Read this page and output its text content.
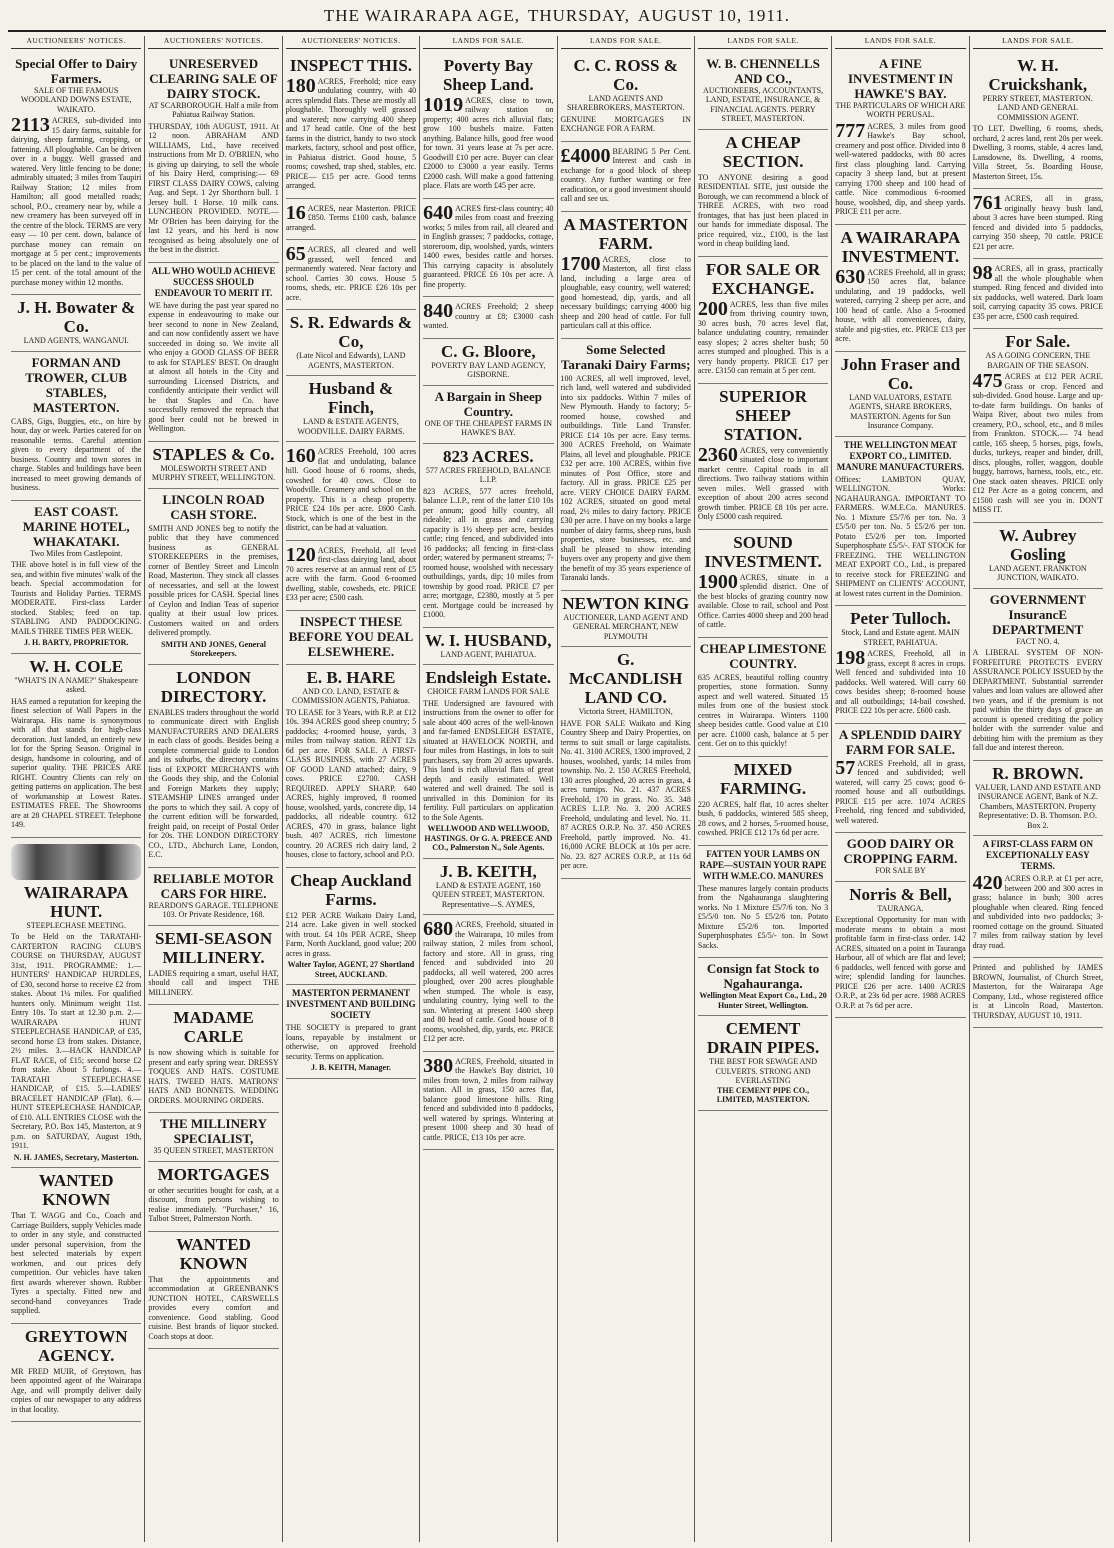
THE WAIRARAPA AGE, THURSDAY, AUGUST 10, 1911.
AUCTIONEERS' NOTICES.
Special Offer to Dairy Farmers.
SALE OF THE FAMOUS WOODLAND DOWNS ESTATE, WAIKATO.
2113 ACRES, sub-divided into 15 dairy farms, suitable for dairying, sheep farming, cropping, or fattening. All ploughable. Can be driven over in a buggy. Well grassed and watered. Very little fencing to be done; admirably situated; 3 miles from Taupiri Railway Station; 12 miles from Hamilton; all good metalled roads; school, P.O., creamery near by, while a new creamery has been surveyed off in the centre of the block. TERMS are very easy — 10 per cent. down, balance of purchase money can remain on mortgage at 5 per cent.; improvements to be placed on the land to the value of 15 per cent. of the total amount of the purchase money within 12 months.
J. H. Bowater & Co.
LAND AGENTS, WANGANUI.
FORMAN AND TROWER, CLUB STABLES, MASTERTON.
CABS, Gigs, Buggies, etc., on hire by hour, day or week. Parties catered for on reasonable terms. Careful attention given to every department of the business. Country and town stores in charge. Stables and buildings have been increased to meet growing demands of business.
EAST COAST. MARINE HOTEL, WHAKATAKI.
Two Miles from Castlepoint.
THE above hotel is in full view of the sea, and within five minutes' walk of the beach. Special accommodation for Tourists and Holiday Parties. TERMS MODERATE. First-class Larder stocked. Stables; feed on tap. STABLING AND PADDOCKING. MAILS THREE TIMES PER WEEK.
J. H. BARTY, PROPRIETOR.
W. H. COLE
"WHAT'S IN A NAME?" Shakespeare asked.
HAS earned a reputation for keeping the finest selection of Wall Papers in the Wairarapa. His name is synonymous with all that stands for high-class decoration. Just landed, an entirely new lot for the Spring Season. Original in design, handsome in colouring, and of superior quality. THE PRICES ARE RIGHT. Country Clients can rely on getting patterns on application. The best of workmanship at Lowest Rates. ESTIMATES FREE. The Showrooms are at 28 CHAPEL STREET. Telephone 149.
WAIRARAPA HUNT.
STEEPLECHASE MEETING.
To be Held on the TARATAHI-CARTERTON RACING CLUB'S COURSE on THURSDAY, AUGUST 31st, 1911. PROGRAMME: 1.—HUNTERS' HANDICAP HURDLES, of £30, second horse to receive £2 from stakes. About 1¼ miles. For qualified hunters only. Minimum weight 11st. Entry 10s. To start at 12.30 p.m. 2.—WAIRARAPA HUNT STEEPLECHASE HANDICAP, of £35, second horse £3 from stakes. Distance, 2½ miles. 3.—HACK HANDICAP FLAT RACE, of £15; second horse £2 from stake. About 5 furlongs. 4.—TARATAHI STEEPLECHASE HANDICAP, of £15. 5.—LADIES' BRACELET HANDICAP (Flat). 6.—HUNT STEEPLECHASE HANDICAP, of £10. ALL ENTRIES CLOSE with the Secretary, P.O. Box 145, Masterton, at 9 p.m. on SATURDAY, August 19th, 1911.
N. H. JAMES, Secretary, Masterton.
WANTED KNOWN
That T. WAGG and Co., Coach and Carriage Builders, supply Vehicles made to order in any style, and constructed under personal supervision, from the best selected materials by expert workmen, and our prices defy competition. Our vehicles have taken first awards wherever shown. Rubber Tyres a specialty. Fitted new and second-hand conveyances Trade supplied.
GREYTOWN AGENCY.
MR FRED MUIR, of Greytown, has been appointed agent of the Wairarapa Age, and will promptly deliver daily copies of our newspaper to any address in that locality.
AUCTIONEERS' NOTICES.
UNRESERVED CLEARING SALE OF DAIRY STOCK.
AT SCARBOROUGH. Half a mile from Pahiatua Railway Station.
THURSDAY, 10th AUGUST, 1911. At 12 noon. ABRAHAM AND WILLIAMS, Ltd., have received instructions from Mr D. O'BRIEN, who is giving up dairying, to sell the whole of his Dairy Herd, comprising:— 69 FIRST CLASS DAIRY COWS, calving Aug. and Sept. 1 2yr Shorthorn bull. 1 Jersey bull. 1 Horse. 10 milk cans. LUNCHEON PROVIDED. NOTE.— Mr O'Brien has been dairying for the last 12 years, and his herd is now recognised as being absolutely one of the best in the district.
ALL WHO WOULD ACHIEVE SUCCESS SHOULD ENDEAVOUR TO MERIT IT.
WE have during the past year spared no expense in endeavouring to make our beer second to none in New Zealand, and can now confidently assert we have succeeded in doing so. We invite all who enjoy a GOOD GLASS OF BEER to ask for STAPLES' BEST. On draught at almost all hotels in the City and surrounding Licensed Districts, and confidently anticipate their verdict will be that Staples and Co. have successfully removed the reproach that good beer could not be brewed in Wellington.
STAPLES & Co.
MOLESWORTH STREET AND MURPHY STREET, WELLINGTON.
LINCOLN ROAD CASH STORE.
SMITH AND JONES beg to notify the public that they have commenced business as GENERAL STOREKEEPERS in the premises, corner of Bentley Street and Lincoln Road, Masterton. They stock all classes of necessaries, and sell at the lowest possible prices for CASH. Special lines of Ceylon and Indian Teas of superior quality at their usual low prices. Customers waited on and orders delivered promptly.
SMITH AND JONES, General Storekeepers.
LONDON DIRECTORY.
ENABLES traders throughout the world to communicate direct with English MANUFACTURERS AND DEALERS in each class of goods. Besides being a complete commercial guide to London and its suburbs, the directory contains lists of EXPORT MERCHANTS with the Goods they ship, and the Colonial and Foreign Markets they supply; STEAMSHIP LINES arranged under the ports to which they sail. A copy of the current edition will be forwarded, freight paid, on receipt of Postal Order for 20s. THE LONDON DIRECTORY CO., LTD., Abchurch Lane, London, E.C.
RELIABLE MOTOR CARS FOR HIRE.
REARDON'S GARAGE. TELEPHONE 103. Or Private Residence, 168.
SEMI-SEASON MILLINERY.
LADIES requiring a smart, useful HAT, should call and inspect THE MILLINERY.
MADAME CARLE
Is now showing which is suitable for present and early spring wear. DRESSY TOQUES AND HATS. COSTUME HATS. TWEED HATS. MATRONS' HATS AND BONNETS. WEDDING ORDERS. MOURNING ORDERS.
THE MILLINERY SPECIALIST,
35 QUEEN STREET, MASTERTON
MORTGAGES
or other securities bought for cash, at a discount, from persons wishing to realise immediately. "Purchaser," 16, Talbot Street, Palmerston North.
WANTED KNOWN
That the appointments and accommodation at GREENBANK'S JUNCTION HOTEL, CARSWELLS provides every comfort and convenience. Good stabling. Good cuisine. Best brands of liquor stocked. Coach stops at door.
AUCTIONEERS' NOTICES.
INSPECT THIS.
180 ACRES, Freehold; nice easy undulating country, with 40 acres splendid flats. These are mostly all ploughable. Thoroughly well grassed and watered; now carrying 400 sheep and 17 head cattle. One of the best farms in the district, handy to two stock markets, factory, school and post office, in Pahiatua district. Good house, 5 rooms; cowshed, trap shed, stables, etc. PRICE— £15 per acre. Good terms arranged.
16 ACRES, near Masterton. PRICE £850. Terms £100 cash, balance arranged.
65 ACRES, all cleared and well grassed, well fenced and permanently watered. Near factory and school. Carries 30 cows. House 5 rooms, sheds, etc. PRICE £26 10s per acre.
S. R. Edwards & Co,
(Late Nicol and Edwards), LAND AGENTS, MASTERTON.
Husband & Finch,
LAND & ESTATE AGENTS, WOODVILLE. DAIRY FARMS.
160 ACRES Freehold, 100 acres flat and undulating, balance hill. Good house of 6 rooms, sheds, cowshed for 40 cows. Close to Woodville. Creamery and school on the property. This is a cheap property. PRICE £24 10s per acre. £600 Cash. Stock, which is one of the best in the district, can be had at valuation.
120 ACRES, Freehold, all level first-class dairying land, about 70 acres reserve at an annual rent of £5 acre with the farm. Good 6-roomed dwelling, stable, cowsheds, etc. PRICE £33 per acre; £500 cash.
INSPECT THESE BEFORE YOU DEAL ELSEWHERE.
E. B. HARE
AND CO. LAND, ESTATE & COMMISSION AGENTS, Pahiatua.
TO LEASE for 3 Years, with R.P. at £12 10s. 394 ACRES good sheep country; 5 paddocks; 4-roomed house, yards, 3 miles from railway station. RENT 12s 6d per acre. FOR SALE. A FIRST-CLASS BUSINESS, with 27 ACRES OF GOOD LAND attached; dairy, 9 cows. PRICE £2700. CASH REQUIRED. APPLY SHARP. 640 ACRES, highly improved, 8 roomed house, woolshed, yards, concrete dip, 14 paddocks, all rideable country. 612 ACRES, 470 in grass, balance light bush. 407 ACRES, rich limestone country. 20 ACRES rich dairy land, 2 houses, close to factory, school and P.O.
Cheap Auckland Farms.
£12 PER ACRE Waikato Dairy Land, 214 acre. Lake given in well stocked with trout. £4 10s PER ACRE, Sheep Farm, North Auckland, good value; 200 acres in grass.
Walter Taylor, AGENT, 27 Shortland Street, AUCKLAND.
MASTERTON PERMANENT INVESTMENT AND BUILDING SOCIETY
THE SOCIETY is prepared to grant loans, repayable by instalment or otherwise, on approved freehold security. Terms on application.
J. B. KEITH, Manager.
LANDS FOR SALE.
Poverty Bay Sheep Land.
1019 ACRES, close to town, railway station on property; 400 acres rich alluvial flats; grow 100 bushels maize. Fatten anything. Balance hills, good free wood for town. 31 years lease at 7s per acre. Goodwill £10 per acre. Buyer can clear £2000 to £3000 a year easily. Terms £2000 cash. Will make a good fattening place. Flats are worth £45 per acre.
640 ACRES first-class country; 40 miles from coast and freezing works; 5 miles from rail, all cleared and in English grasses; 7 paddocks, cottage, storeroom, dip, woolshed, yards, winters 1400 ewes, besides cattle and horses. This carrying capacity is absolutely guaranteed. PRICE £6 10s per acre. A fine property.
840 ACRES Freehold; 2 sheep country at £8; £3000 cash wanted.
C. G. Bloore,
POVERTY BAY LAND AGENCY, GISBORNE.
A Bargain in Sheep Country.
ONE OF THE CHEAPEST FARMS IN HAWKE'S BAY.
823 ACRES.
577 ACRES FREEHOLD, BALANCE L.I.P.
823 ACRES, 577 acres freehold, balance L.I.P., rent of the latter £10 10s per annum; good hilly country, all rideable; all in grass and carrying capacity is 1½ sheep per acre, besides cattle; ring fenced, and subdivided into 16 paddocks; all fencing in first-class order; watered by permanent streams; 7-roomed house, woolshed with necessary outbuildings, yards, dip; 10 miles from township by good road. PRICE £7 per acre; mortgage, £2380, mostly at 5 per cent. Mortgage could be increased by £1000.
W. I. HUSBAND,
LAND AGENT, PAHIATUA.
Endsleigh Estate.
CHOICE FARM LANDS FOR SALE
THE Undersigned are favoured with instructions from the owner to offer for sale about 400 acres of the well-known and far-famed ENDSLEIGH ESTATE, situated at HAVELOCK NORTH, and four miles from Hastings, in lots to suit purchasers, say from 20 acres upwards. This land is rich alluvial flats of great depth and easily estimated. Well watered and well drained. The soil is unrivalled in this Dominion for its fertility. Full particulars on application to the Sole Agents.
WELLWOOD AND WELLWOOD, HASTINGS. Or G. A. PREECE AND CO., Palmerston N., Sole Agents.
J. B. KEITH,
LAND & ESTATE AGENT, 160 QUEEN STREET, MASTERTON. Representative—S. AYMES,
680 ACRES, Freehold, situated in the Wairarapa, 10 miles from railway station, 2 miles from school, factory and store. All in grass, ring fenced and subdivided into 20 paddocks, all well watered, 200 acres ploughed, over 200 acres ploughable when stumped. The whole is easy, undulating country, lying well to the sun. Wintering at present 1400 sheep and 80 head of cattle. Good house of 8 rooms, woolshed, dip, yards, etc. PRICE £12 per acre.
380 ACRES, Freehold, situated in the Hawke's Bay district, 10 miles from town, 2 miles from railway station. All in grass, 150 acres flat, balance good limestone hills. Ring fenced and subdivided into 8 paddocks, well watered by springs. Wintering at present 1000 sheep and 30 head of cattle. PRICE, £13 10s per acre.
LANDS FOR SALE.
C. C. ROSS & Co.
LAND AGENTS AND SHAREBROKERS, MASTERTON.
GENUINE MORTGAGES IN EXCHANGE FOR A FARM.
£4000 BEARING 5 Per Cent. Interest and cash in exchange for a good block of sheep country. Any further wanting or free eradication, or a good investment should call and see us.
A MASTERTON FARM.
1700 ACRES, close to Masterton, all first class land, including a large area of ploughable, easy country, well watered; good homestead, dip, yards, and all necessary buildings; carrying 4000 big sheep and 200 head of cattle. For full particulars call at this office.
Some Selected Taranaki Dairy Farms;
100 ACRES, all well improved, level, rich land, well watered and subdivided into six paddocks. Within 7 miles of New Plymouth. Handy to factory; 5-roomed house, cowshed and outbuildings. Title Land Transfer. PRICE £14 10s per acre. Easy terms. 300 ACRES Freehold, on Waimate Plains, all level and ploughable. PRICE £32 per acre. 100 ACRES, within five minutes of Post Office, store and factory. All in grass. PRICE £25 per acre. VERY CHOICE DAIRY FARM. 102 ACRES, situated on good metal road, 2½ miles to dairy factory. PRICE £30 per acre. I have on my books a large number of dairy farms, sheep runs, bush properties, store businesses, etc. and shall be pleased to show intending buyers over any property and give them the benefit of my 35 years experience of Taranaki lands.
NEWTON KING
AUCTIONEER, LAND AGENT AND GENERAL MERCHANT, NEW PLYMOUTH
G. McCANDLISH LAND CO.
Victoria Street, HAMILTON,
HAVE FOR SALE Waikato and King Country Sheep and Dairy Properties, on terms to suit small or large capitalists. No. 41. 3100 ACRES, 1300 improved, 2 houses, woolshed, yards; 14 miles from township. No. 2. 150 ACRES Freehold, 130 acres ploughed, 20 acres in grass, 4 acres turnips. No. 21. 437 ACRES Freehold, 170 in grass. No. 35. 348 ACRES L.I.P. No. 3. 200 ACRES Freehold, undulating and level. No. 11. 87 ACRES O.R.P. No. 37. 450 ACRES Freehold, partly improved. No. 41. 16,000 ACRE BLOCK at 10s per acre. No. 23. 827 ACRES O.R.P., at 11s 6d per acre.
LANDS FOR SALE.
W. B. CHENNELLS AND CO.,
AUCTIONEERS, ACCOUNTANTS, LAND, ESTATE, INSURANCE, & FINANCIAL AGENTS. PERRY STREET, MASTERTON.
A CHEAP SECTION.
TO ANYONE desiring a good RESIDENTIAL SITE, just outside the Borough, we can recommend a block of THREE ACRES, with two road frontages, that has just been placed in our hands for immediate disposal. The price required, viz., £100, is the last word in cheap building land.
FOR SALE OR EXCHANGE.
200 ACRES, less than five miles from thriving country town, 30 acres bush, 70 acres level flat, balance undulating country, remainder easy slopes; 2 acres shelter bush; 50 acres stumped and ploughed. This is a very handy property. PRICE £17 per acre. £3150 can remain at 5 per cent.
SUPERIOR SHEEP STATION.
2360 ACRES, very conveniently situated close to important market centre. Capital roads in all directions. Two railway stations within seven miles. Well grassed with exception of about 200 acres second growth timber. PRICE £8 10s per acre. Only £5000 cash required.
SOUND INVESTMENT.
1900 ACRES, situate in a splendid district. One of the best blocks of grazing country now available. Close to rail, school and Post Office. Carries 4000 sheep and 200 head of cattle.
CHEAP LIMESTONE COUNTRY.
635 ACRES, beautiful rolling country properties, stone formation. Sunny aspect and well watered. Situated 15 miles from one of the busiest stock centres in Wairarapa. Winters 1100 sheep besides cattle. Good value at £10 per acre. £1000 cash, balance at 5 per cent. Get on to this quickly!
MIXED FARMING.
220 ACRES, half flat, 10 acres shelter bush, 6 paddocks, wintered 585 sheep, 28 cows, and 2 horses, 5-roomed house, cowshed. PRICE £12 17s 6d per acre.
FATTEN YOUR LAMBS ON RAPE—SUSTAIN YOUR RAPE WITH W.M.E.CO. MANURES
These manures largely contain products from the Ngahauranga slaughtering works. No 1 Mixture £5/7/6 ton. No 3 £5/5/0 ton. No 5 £5/2/6 ton. Potato Mixture £5/2/6 ton. Imported Superphosphates £5/5/- ton. In Sowt Sacks.
Consign fat Stock to Ngahauranga.
Wellington Meat Export Co., Ltd., 20 Hunter Street, Wellington.
CEMENT DRAIN PIPES.
THE BEST FOR SEWAGE AND CULVERTS. STRONG AND EVERLASTING
THE CEMENT PIPE CO., LIMITED, MASTERTON.
LANDS FOR SALE.
A FINE INVESTMENT IN HAWKE'S BAY.
THE PARTICULARS OF WHICH ARE WORTH PERUSAL.
777 ACRES, 3 miles from good Hawke's Bay school, creamery and post office. Divided into 8 well-watered paddocks, with 80 acres first class ploughing land. Carrying capacity 3 sheep land, but at present carrying 1700 sheep and 100 head of cattle. Nice commodious 6-roomed house, woolshed, dip, and sheep yards. PRICE £11 per acre.
A WAIRARAPA INVESTMENT.
630 ACRES Freehold, all in grass; 150 acres flat, balance undulating, and 19 paddocks, well watered, carrying 2 sheep per acre, and 100 head of cattle. Also a 5-roomed house, with all conveniences, dairy, stable and pig-sties, etc. PRICE £13 per acre.
John Fraser and Co.
LAND VALUATORS, ESTATE AGENTS, SHARE BROKERS, MASTERTON. Agents for Sun Insurance Company.
THE WELLINGTON MEAT EXPORT CO., LIMITED. MANURE MANUFACTURERS.
Offices: LAMBTON QUAY, WELLINGTON. Works: NGAHAURANGA. IMPORTANT TO FARMERS. W.M.E.Co. MANURES. No. 1 Mixture £5/7/6 per ton. No. 3 £5/5/0 per ton. No. 5 £5/2/6 per ton. Potato £5/2/6 per ton. Imported Superphosphate £5/5/-. FAT STOCK for FREEZING. THE WELLINGTON MEAT EXPORT CO., Ltd., is prepared to receive stock for FREEZING and SHIPMENT on CLIENTS' ACCOUNT, at lowest rates current in the Dominion.
Peter Tulloch.
Stock, Land and Estate agent. MAIN STREET, PAHIATUA.
198 ACRES, Freehold, all in grass, except 8 acres in crops. Well fenced and subdivided into 10 paddocks. Well watered. Will carry 60 cows besides sheep; 8-roomed house and all outbuildings; 14-bail cowshed. PRICE £22 10s per acre. £600 cash.
A SPLENDID DAIRY FARM FOR SALE.
57 ACRES Freehold, all in grass, fenced and subdivided; well watered, will carry 25 cows; good 6-roomed house and all outbuildings. PRICE £15 per acre. 1074 ACRES Freehold, ring fenced and subdivided, well watered.
GOOD DAIRY OR CROPPING FARM.
FOR SALE BY
Norris & Bell,
TAURANGA.
Exceptional Opportunity for man with moderate means to obtain a most profitable farm in first-class order. 142 ACRES, situated on a point in Tauranga Harbour, all of which are flat and level; 6 paddocks, well fenced with gorse and wire; splendid landing for launches. PRICE £26 per acre. 1400 ACRES O.R.P., at 23s 6d per acre. 1988 ACRES O.R.P. at 7s 6d per acre.
LANDS FOR SALE.
W. H. Cruickshank,
PERRY STREET, MASTERTON. LAND AND GENERAL COMMISSION AGENT.
TO LET. Dwelling, 6 rooms, sheds, orchard, 2 acres land, rent 20s per week. Dwelling, 3 rooms, stable, 4 acres land, Lansdowne, 8s. Dwelling, 4 rooms, Villa Street, 5s. Boarding House, Masterton Street, 15s.
761 ACRES, all in grass, originally heavy bush land, about 3 acres have been stumped. Ring fenced and divided into 5 paddocks, carrying 350 sheep, 70 cattle. PRICE £21 per acre.
98 ACRES, all in grass, practically all the whole ploughable when stumped. Ring fenced and divided into six paddocks, well watered. Dark loam soil, carrying capacity 35 cows. PRICE £35 per acre, £500 cash required.
For Sale.
AS A GOING CONCERN, THE BARGAIN OF THE SEASON.
475 ACRES at £12 PER ACRE. Grass or crop. Fenced and sub-divided. Good house. Large and up-to-date farm buildings. On banks of Waipa River, about two miles from creamery, P.O., school, etc., and 8 miles from Frankton. STOCK.— 74 head cattle, 165 sheep, 5 horses, pigs, fowls, ducks, turkeys, reaper and binder, drill, discs, ploughs, roller, waggon, double buggy, harrows, harness, tools, etc., etc. One stack oaten sheaves. PRICE only £12 Per Acre as a going concern, and £1500 cash will see you in. DON'T MISS IT.
W. Aubrey Gosling
LAND AGENT. FRANKTON JUNCTION, WAIKATO.
GOVERNMENT InsurancE DEPARTMENT
FACT NO. 4.
A LIBERAL SYSTEM OF NON-FORFEITURE PROTECTS EVERY ASSURANCE POLICY ISSUED by the DEPARTMENT. Substantial surrender values and loan values are allowed after two years, and if the premium is not paid within the thirty days of grace an account is opened crediting the policy holder with the surrender value and debiting him with the premium as they fall due and interest thereon.
R. BROWN.
VALUER, LAND AND ESTATE AND INSURANCE AGENT, Bank of N.Z. Chambers, MASTERTON. Property Representative: D. B. Thomson. P.O. Box 2.
A FIRST-CLASS FARM ON EXCEPTIONALLY EASY TERMS.
420 ACRES O.R.P. at £1 per acre, between 200 and 300 acres in grass; balance in bush; 300 acres ploughable when cleared. Ring fenced and subdivided into two paddocks; 3-roomed cottage on the ground. Situated 7 miles from railway station by level dray road.
Printed and published by JAMES BROWN, Journalist, of Church Street, Masterton, for the Wairarapa Age Company, Ltd., whose registered office is at Lincoln Road, Masterton. THURSDAY, AUGUST 10, 1911.
